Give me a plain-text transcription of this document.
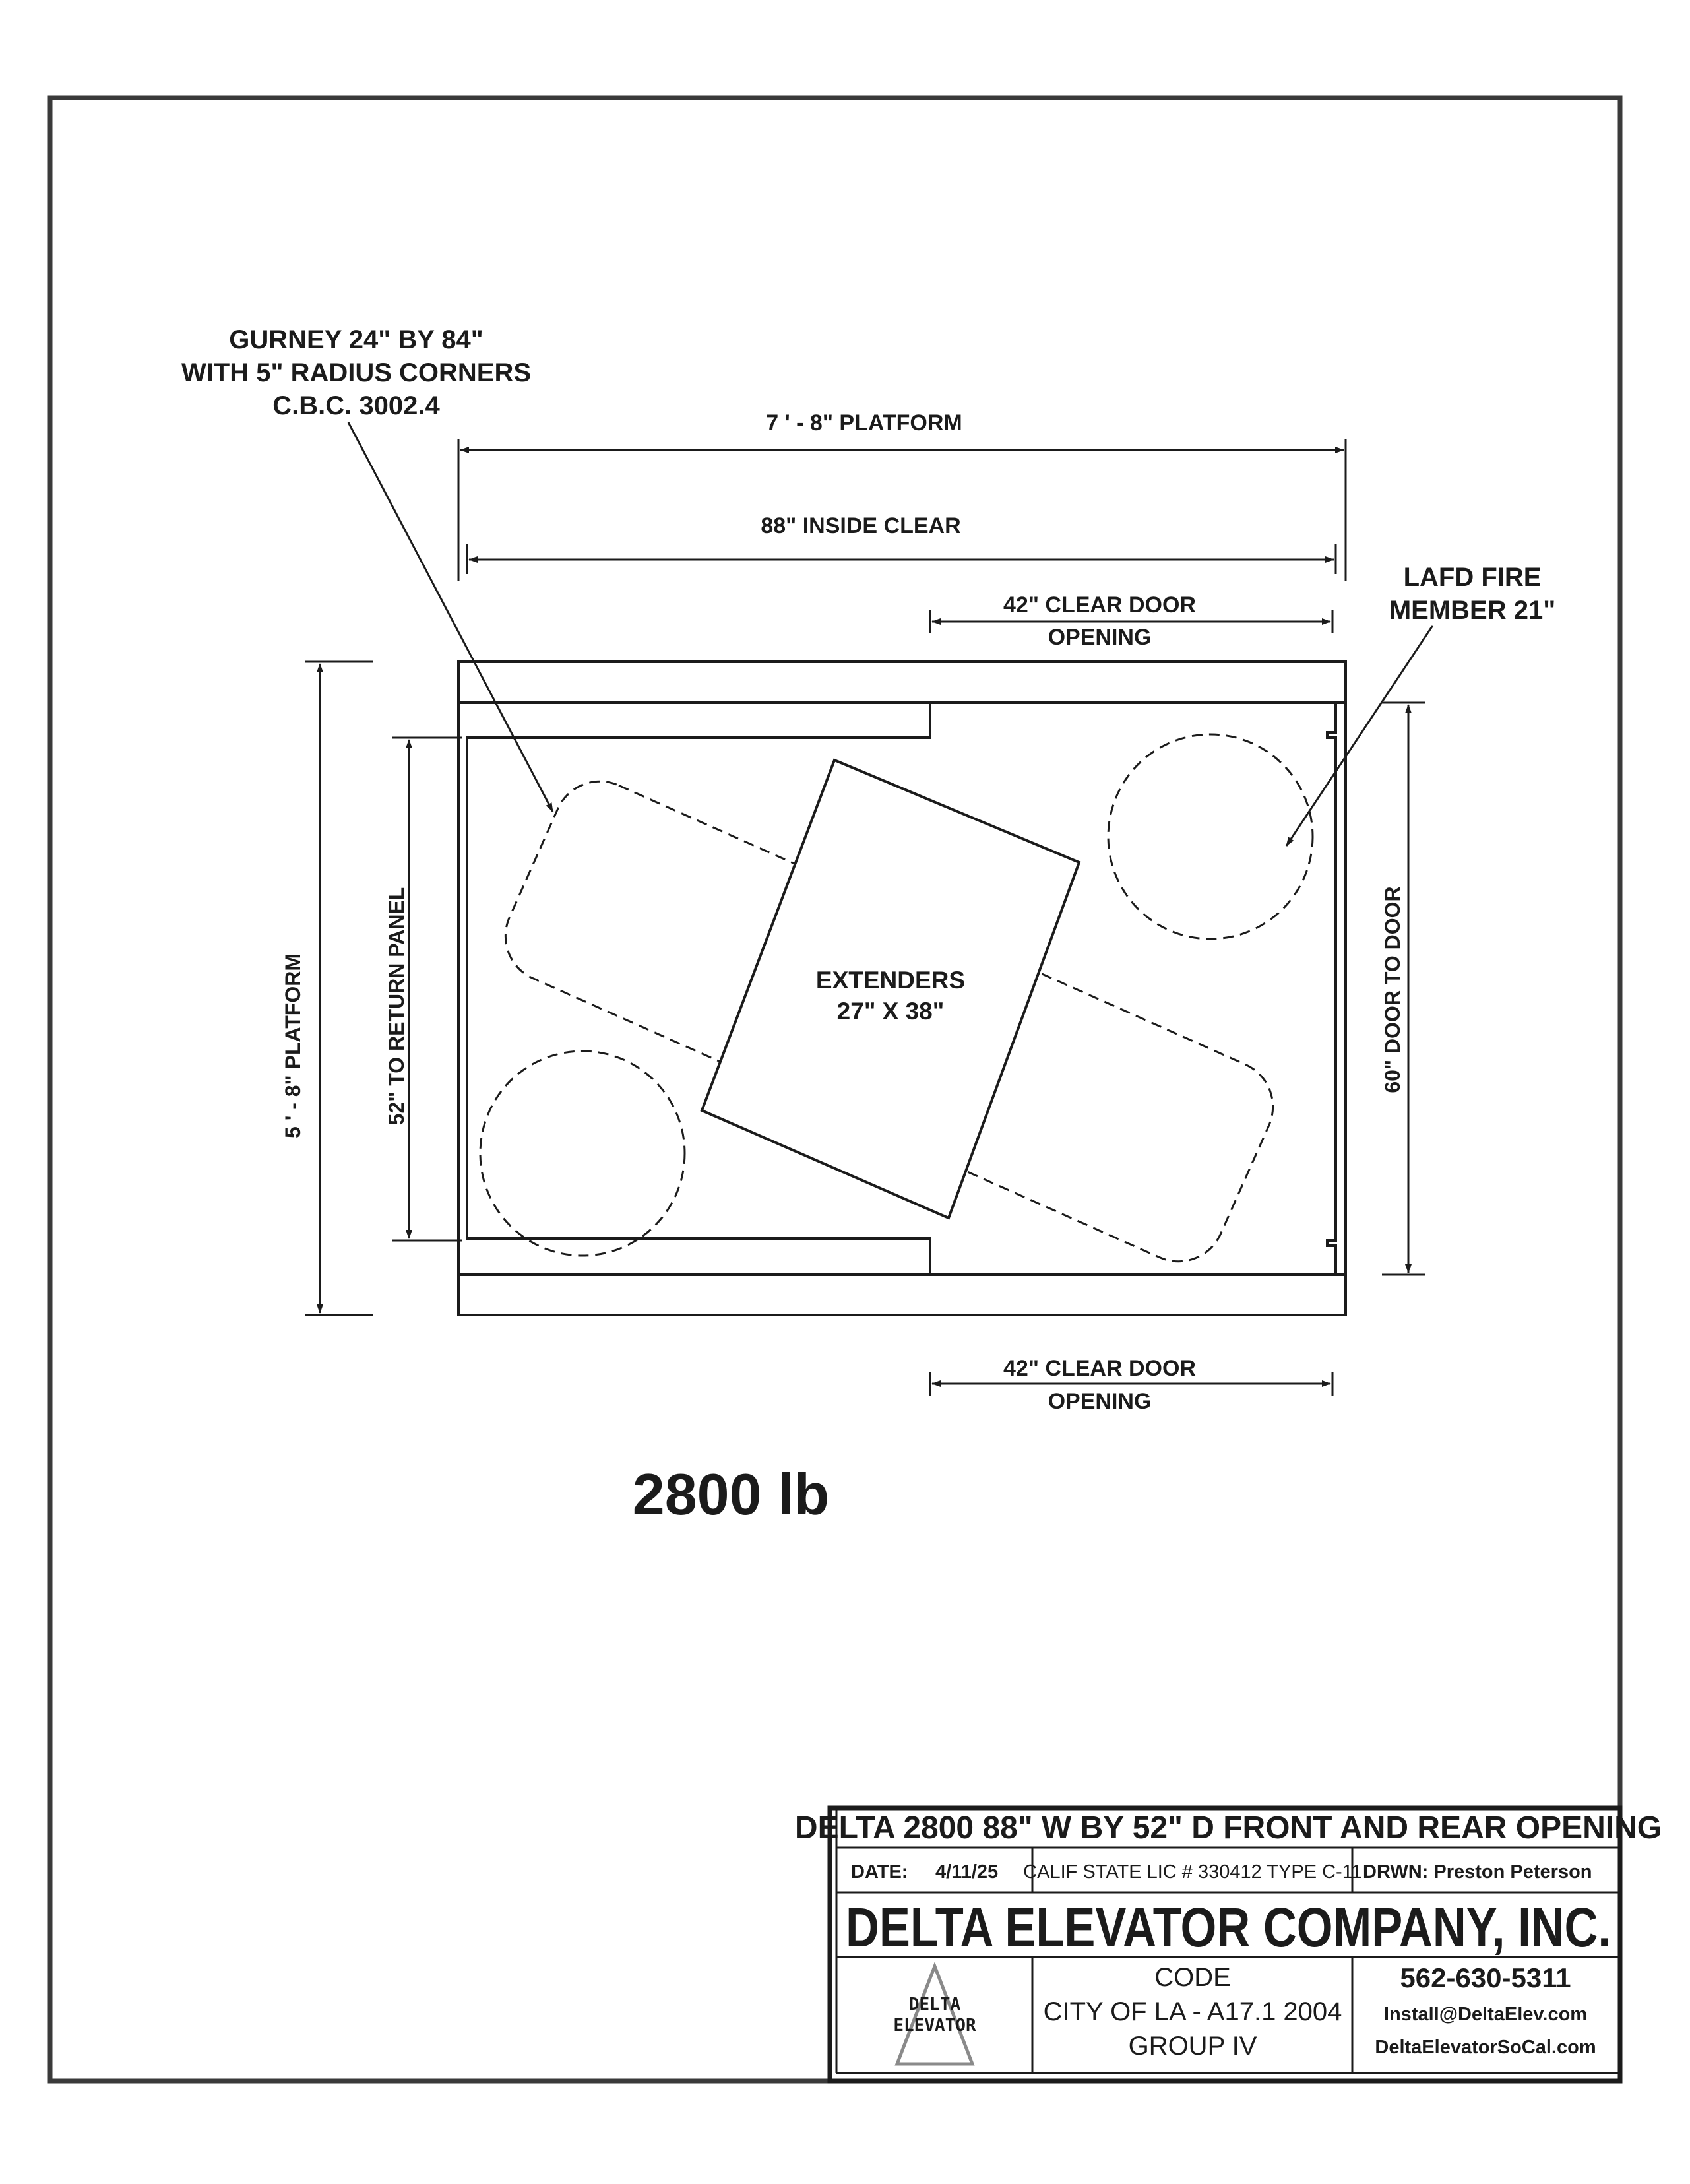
EXTENDERS
27" X 38"
7 ' - 8" PLATFORM
88" INSIDE CLEAR
42" CLEAR DOOR
OPENING
42" CLEAR DOOR
OPENING
5 ' - 8" PLATFORM	52" TO RETURN PANEL	60" DOOR TO DOOR
GURNEY 24" BY 84"
WITH 5" RADIUS CORNERS
C.B.C. 3002.4
LAFD FIRE
MEMBER 21"
2800 lb
DELTA 2800 88" W BY 52" D FRONT AND REAR OPENING
DATE: 4/11/25 CALIF STATE LIC # 330412 TYPE C-11 DRWN: Preston Peterson
DELTA ELEVATOR COMPANY, INC.
DELTA
ELEVATOR
CODE
CITY OF LA - A17.1 2004
GROUP IV
562-630-5311
Install@DeltaElev.com
DeltaElevatorSoCal.com
